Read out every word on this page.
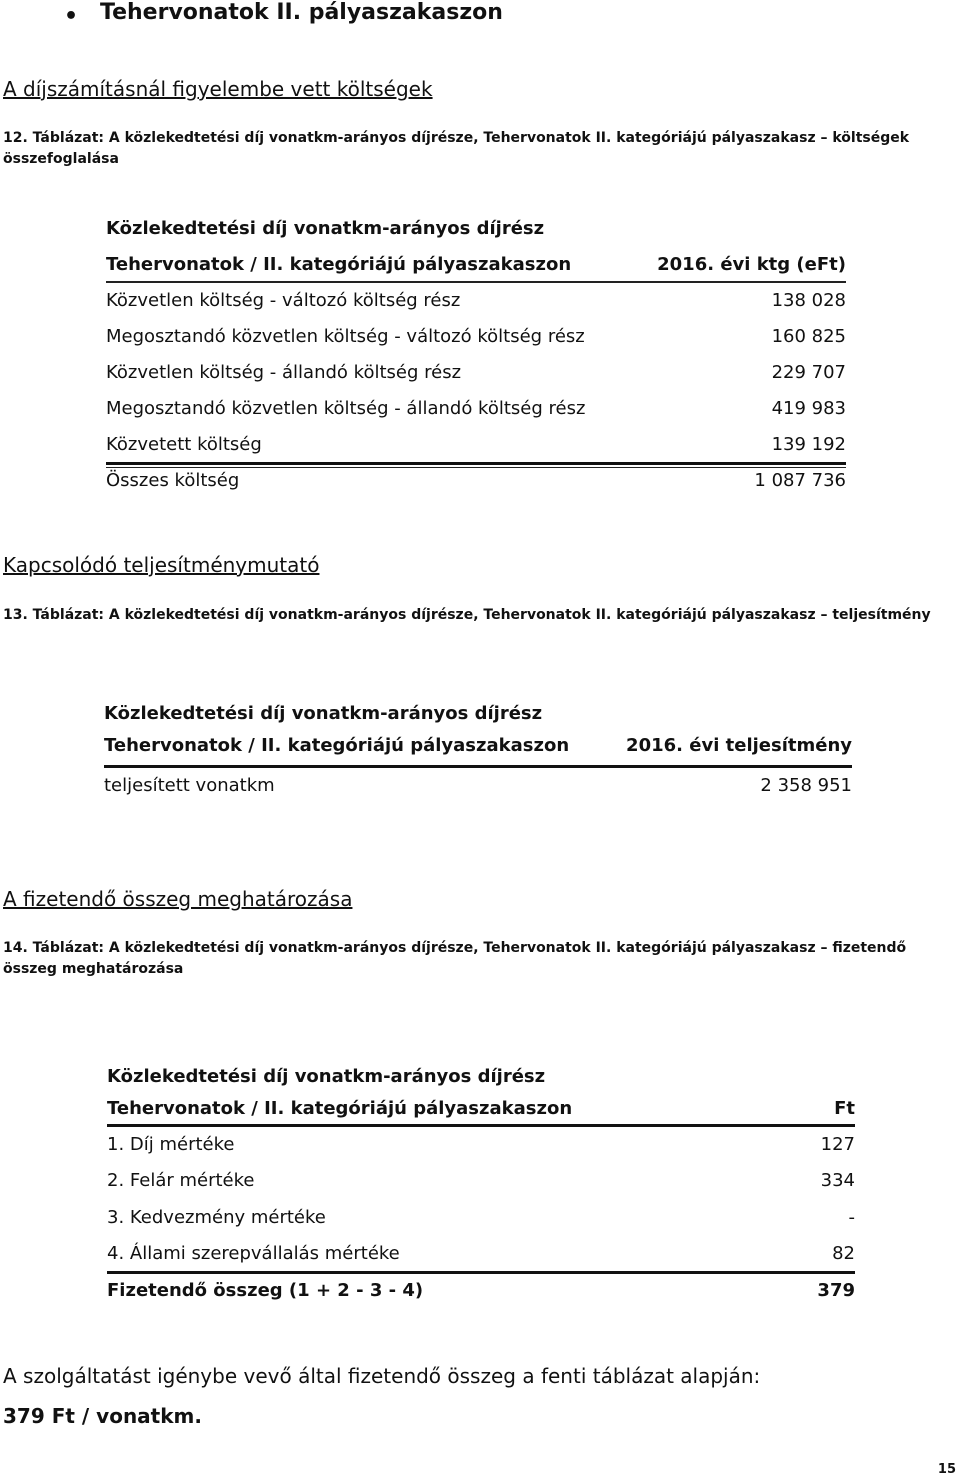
• Tehervonatok II. pályaszakaszon
A díjszámításnál figyelembe vett költségek
12. Táblázat: A közlekedtetési díj vonatkm-arányos díjrésze, Tehervonatok II. kategóriájú pályaszakasz – költségek összefoglalása
Közlekedtetési díj vonatkm-arányos díjrész
Tehervonatok / II. kategóriájú pályaszakaszon	2016. évi ktg (eFt)
Közvetlen költség - változó költség rész	138 028
Megosztandó közvetlen költség - változó költség rész	160 825
Közvetlen költség - állandó költség rész	229 707
Megosztandó közvetlen költség - állandó költség rész	419 983
Közvetett költség	139 192
Összes költség	1 087 736
Kapcsolódó teljesítménymutató
13. Táblázat: A közlekedtetési díj vonatkm-arányos díjrésze, Tehervonatok II. kategóriájú pályaszakasz – teljesítmény
Közlekedtetési díj vonatkm-arányos díjrész
Tehervonatok / II. kategóriájú pályaszakaszon	2016. évi teljesítmény
teljesített vonatkm	2 358 951
A fizetendő összeg meghatározása
14. Táblázat: A közlekedtetési díj vonatkm-arányos díjrésze, Tehervonatok II. kategóriájú pályaszakasz – fizetendő összeg meghatározása
Közlekedtetési díj vonatkm-arányos díjrész
Tehervonatok / II. kategóriájú pályaszakaszon	Ft
1. Díj mértéke	127
2. Felár mértéke	334
3. Kedvezmény mértéke	-
4. Állami szerepvállalás mértéke	82
Fizetendő összeg (1 + 2 - 3 - 4)	379
A szolgáltatást igénybe vevő által fizetendő összeg a fenti táblázat alapján:
379 Ft / vonatkm.
15
